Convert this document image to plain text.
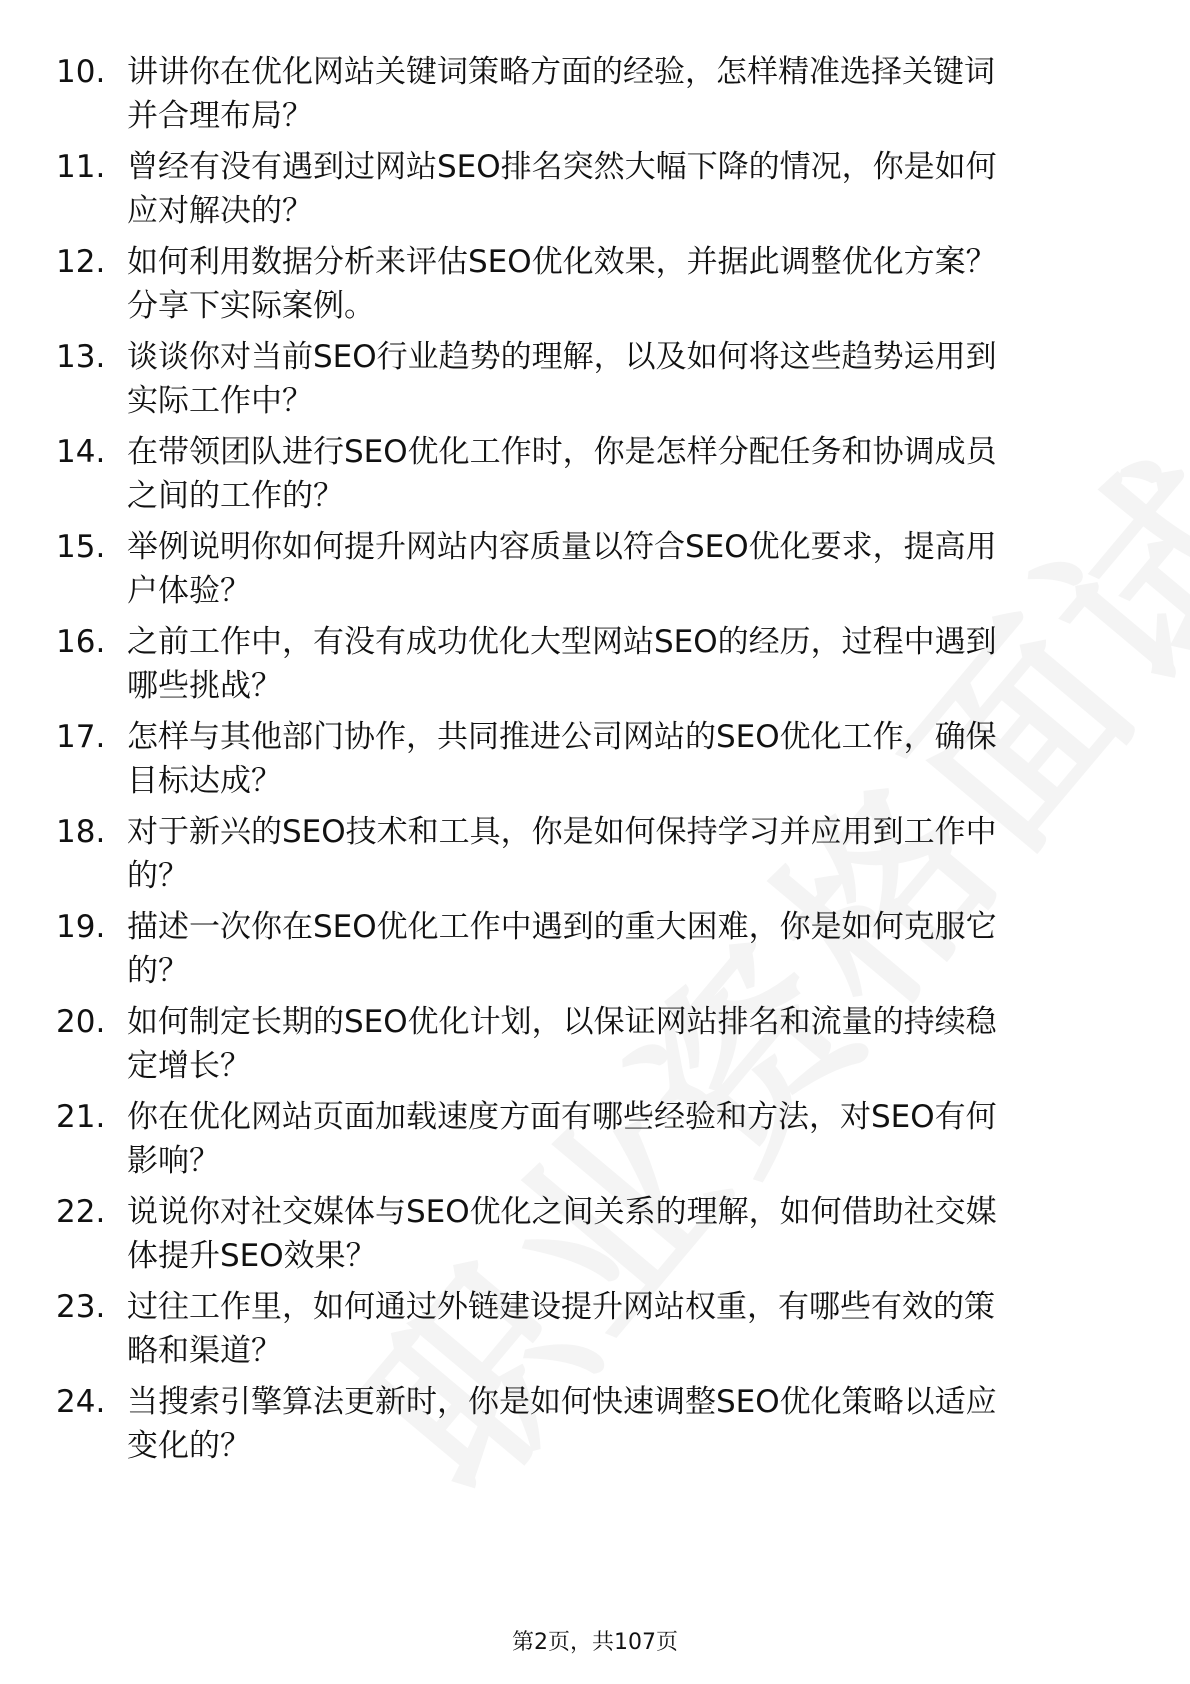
10. 讲讲你在优化网站关键词策略方面的经验，怎样精准选择关键词
并合理布局？
11. 曾经有没有遇到过网站SEO排名突然大幅下降的情况，你是如何
应对解决的？
12. 如何利用数据分析来评估SEO优化效果，并据此调整优化方案？
分享下实际案例。
13. 谈谈你对当前SEO行业趋势的理解，以及如何将这些趋势运用到
实际工作中？
14. 在带领团队进行SEO优化工作时，你是怎样分配任务和协调成员
之间的工作的？
15. 举例说明你如何提升网站内容质量以符合SEO优化要求，提高用
户体验？
16. 之前工作中，有没有成功优化大型网站SEO的经历，过程中遇到
哪些挑战？
17. 怎样与其他部门协作，共同推进公司网站的SEO优化工作，确保
目标达成？
18. 对于新兴的SEO技术和工具，你是如何保持学习并应用到工作中
的？
19. 描述一次你在SEO优化工作中遇到的重大困难，你是如何克服它
的？
20. 如何制定长期的SEO优化计划，以保证网站排名和流量的持续稳
定增长？
21. 你在优化网站页面加载速度方面有哪些经验和方法，对SEO有何
影响？
22. 说说你对社交媒体与SEO优化之间关系的理解，如何借助社交媒
体提升SEO效果？
23. 过往工作里，如何通过外链建设提升网站权重，有哪些有效的策
略和渠道？
24. 当搜索引擎算法更新时，你是如何快速调整SEO优化策略以适应
变化的？
第2页，共107页
